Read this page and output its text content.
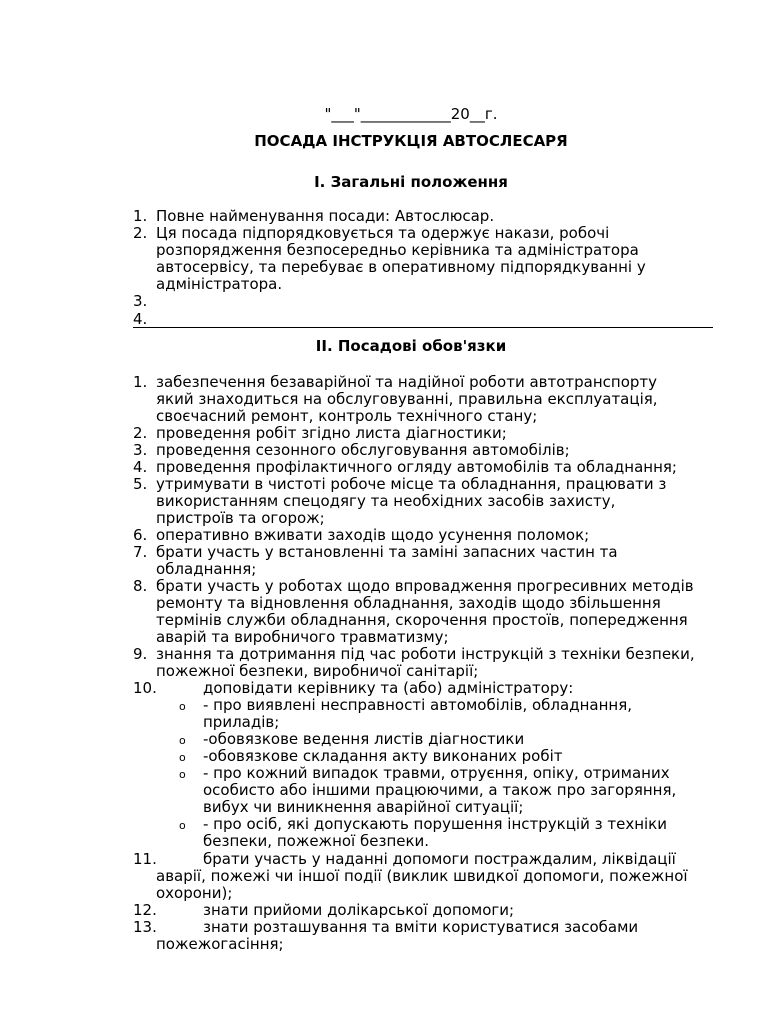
"___"____________20__г.
ПОСАДА ІНСТРУКЦІЯ АВТОСЛЕСАРЯ
І. Загальні положення
1. Повне найменування посади: Автослюсар.
2. Ця посада підпорядковується та одержує накази, робочі
розпорядження безпосередньо керівника та адміністратора
автосервісу, та перебуває в оперативному підпорядкуванні у
адміністратора.
3.
4.
ІІ. Посадові обов'язки
1. забезпечення безаварійної та надійної роботи автотранспорту
який знаходиться на обслуговуванні, правильна експлуатація,
своєчасний ремонт, контроль технічного стану;
2. проведення робіт згідно листа діагностики;
3. проведення сезонного обслуговування автомобілів;
4. проведення профілактичного огляду автомобілів та обладнання;
5. утримувати в чистоті робоче місце та обладнання, працювати з
використанням спецодягу та необхідних засобів захисту,
пристроїв та огорож;
6. оперативно вживати заходів щодо усунення поломок;
7. брати участь у встановленні та заміні запасних частин та
обладнання;
8. брати участь у роботах щодо впровадження прогресивних методів
ремонту та відновлення обладнання, заходів щодо збільшення
термінів служби обладнання, скорочення простоїв, попередження
аварій та виробничого травматизму;
9. знання та дотримання під час роботи інструкцій з техніки безпеки,
пожежної безпеки, виробничої санітарії;
10.	доповідати керівнику та (або) адміністратору:
o - про виявлені несправності автомобілів, обладнання,
приладів;
o -обовязкове ведення листів діагностики
o -обовязкове складання акту виконаних робіт
o - про кожний випадок травми, отруєння, опіку, отриманих
особисто або іншими працюючими, а також про загоряння,
вибух чи виникнення аварійної ситуації;
o - про осіб, які допускають порушення інструкцій з техніки
безпеки, пожежної безпеки.
11.	брати участь у наданні допомоги постраждалим, ліквідації
аварії, пожежі чи іншої події (виклик швидкої допомоги, пожежної
охорони);
12.	знати прийоми долікарської допомоги;
13.	знати розташування та вміти користуватися засобами
пожежогасіння;
